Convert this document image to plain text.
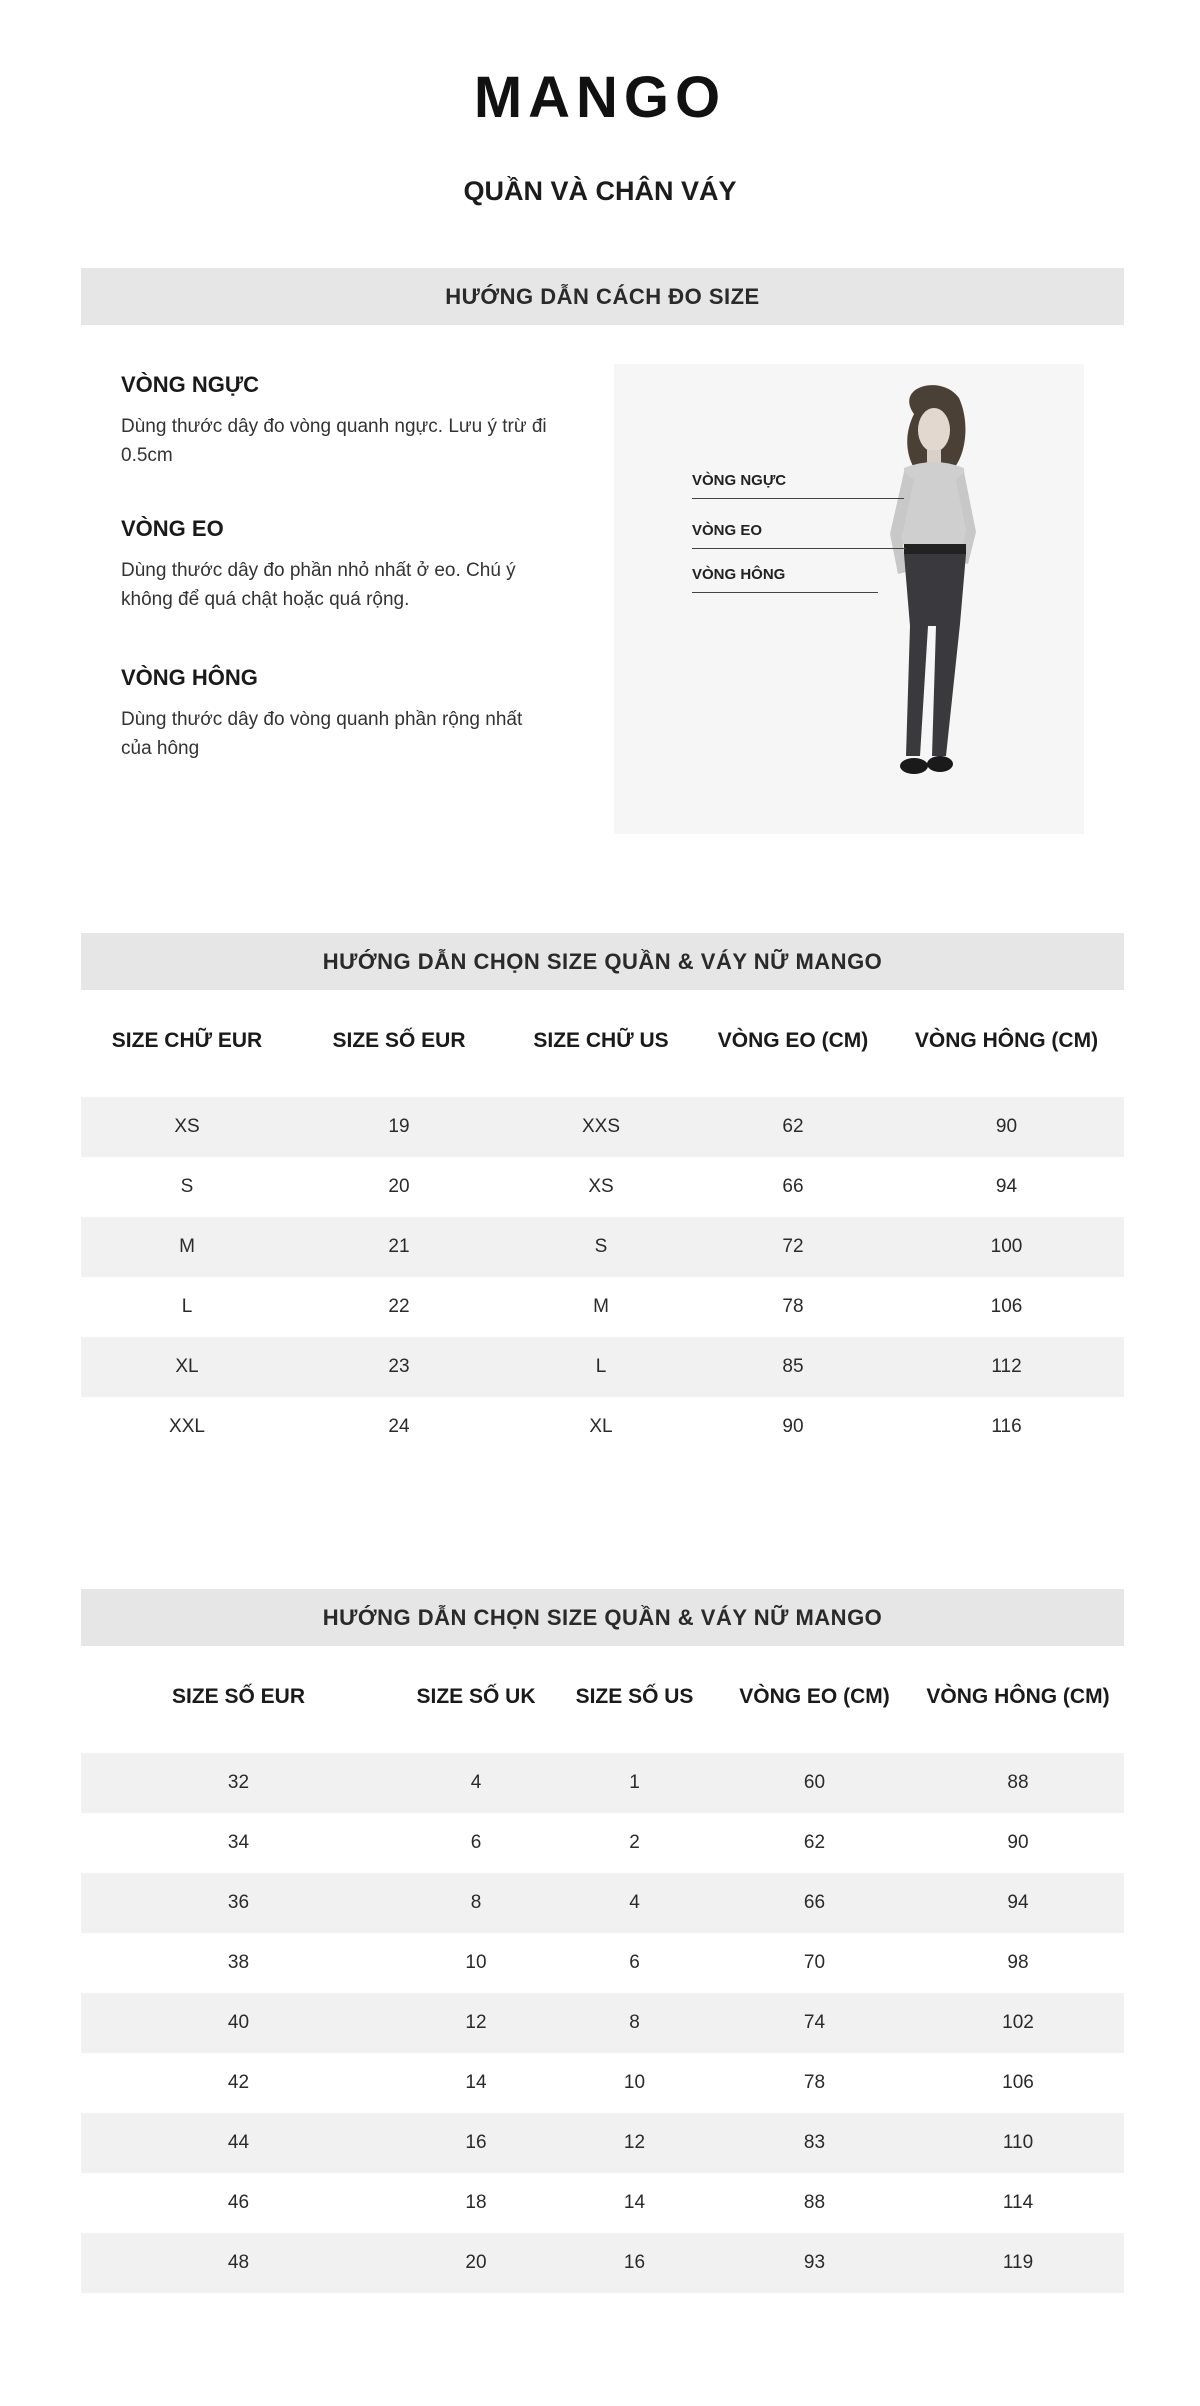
MANGO
QUẦN VÀ CHÂN VÁY
HƯỚNG DẪN CÁCH ĐO SIZE
VÒNG NGỰC

Dùng thước dây đo vòng quanh ngực. Lưu ý trừ đi 0.5cm

VÒNG EO

Dùng thước dây đo phần nhỏ nhất ở eo. Chú ý không để quá chật hoặc quá rộng.

VÒNG HÔNG

Dùng thước dây đo vòng quanh phần rộng nhất của hông

VÒNG NGỰC
VÒNG EO
VÒNG HÔNG
HƯỚNG DẪN CHỌN SIZE QUẦN & VÁY NỮ MANGO
SIZE CHỮ EUR	SIZE SỐ EUR	SIZE CHỮ US	VÒNG EO (CM)	VÒNG HÔNG (CM)
XS	19	XXS	62	90
S	20	XS	66	94
M	21	S	72	100
L	22	M	78	106
XL	23	L	85	112
XXL	24	XL	90	116
HƯỚNG DẪN CHỌN SIZE QUẦN & VÁY NỮ MANGO
SIZE SỐ EUR	SIZE SỐ UK	SIZE SỐ US	VÒNG EO (CM)	VÒNG HÔNG (CM)
32	4	1	60	88
34	6	2	62	90
36	8	4	66	94
38	10	6	70	98
40	12	8	74	102
42	14	10	78	106
44	16	12	83	110
46	18	14	88	114
48	20	16	93	119
